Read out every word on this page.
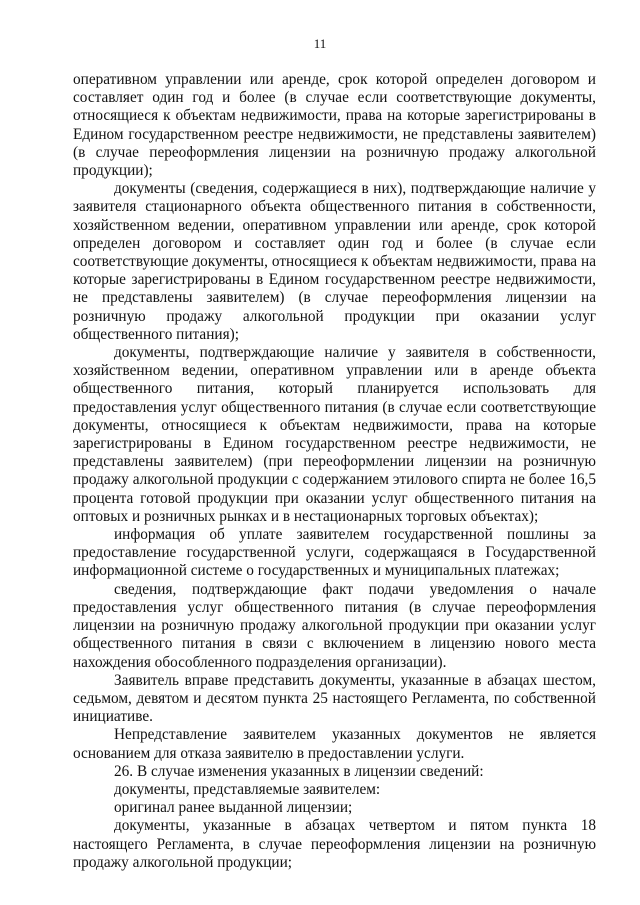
11

оперативном управлении или аренде, срок которой определен договором и составляет один год и более (в случае если соответствующие документы, относящиеся к объектам недвижимости, права на которые зарегистрированы в Едином государственном реестре недвижимости, не представлены заявителем) (в случае переоформления лицензии на розничную продажу алкогольной продукции);

документы (сведения, содержащиеся в них), подтверждающие наличие у заявителя стационарного объекта общественного питания в собственности, хозяйственном ведении, оперативном управлении или аренде, срок которой определен договором и составляет один год и более (в случае если соответствующие документы, относящиеся к объектам недвижимости, права на которые зарегистрированы в Едином государственном реестре недвижимости, не представлены заявителем) (в случае переоформления лицензии на розничную продажу алкогольной продукции при оказании услуг общественного питания);

документы, подтверждающие наличие у заявителя в собственности, хозяйственном ведении, оперативном управлении или в аренде объекта общественного питания, который планируется использовать для предоставления услуг общественного питания (в случае если соответствующие документы, относящиеся к объектам недвижимости, права на которые зарегистрированы в Едином государственном реестре недвижимости, не представлены заявителем) (при переоформлении лицензии на розничную продажу алкогольной продукции с содержанием этилового спирта не более 16,5 процента готовой продукции при оказании услуг общественного питания на оптовых и розничных рынках и в нестационарных торговых объектах);

информация об уплате заявителем государственной пошлины за предоставление государственной услуги, содержащаяся в Государственной информационной системе о государственных и муниципальных платежах;

сведения, подтверждающие факт подачи уведомления о начале предоставления услуг общественного питания (в случае переоформления лицензии на розничную продажу алкогольной продукции при оказании услуг общественного питания в связи с включением в лицензию нового места нахождения обособленного подразделения организации).

Заявитель вправе представить документы, указанные в абзацах шестом, седьмом, девятом и десятом пункта 25 настоящего Регламента, по собственной инициативе.

Непредставление заявителем указанных документов не является основанием для отказа заявителю в предоставлении услуги.

26. В случае изменения указанных в лицензии сведений:

документы, представляемые заявителем:

оригинал ранее выданной лицензии;

документы, указанные в абзацах четвертом и пятом пункта 18 настоящего Регламента, в случае переоформления лицензии на розничную продажу алкогольной продукции;
